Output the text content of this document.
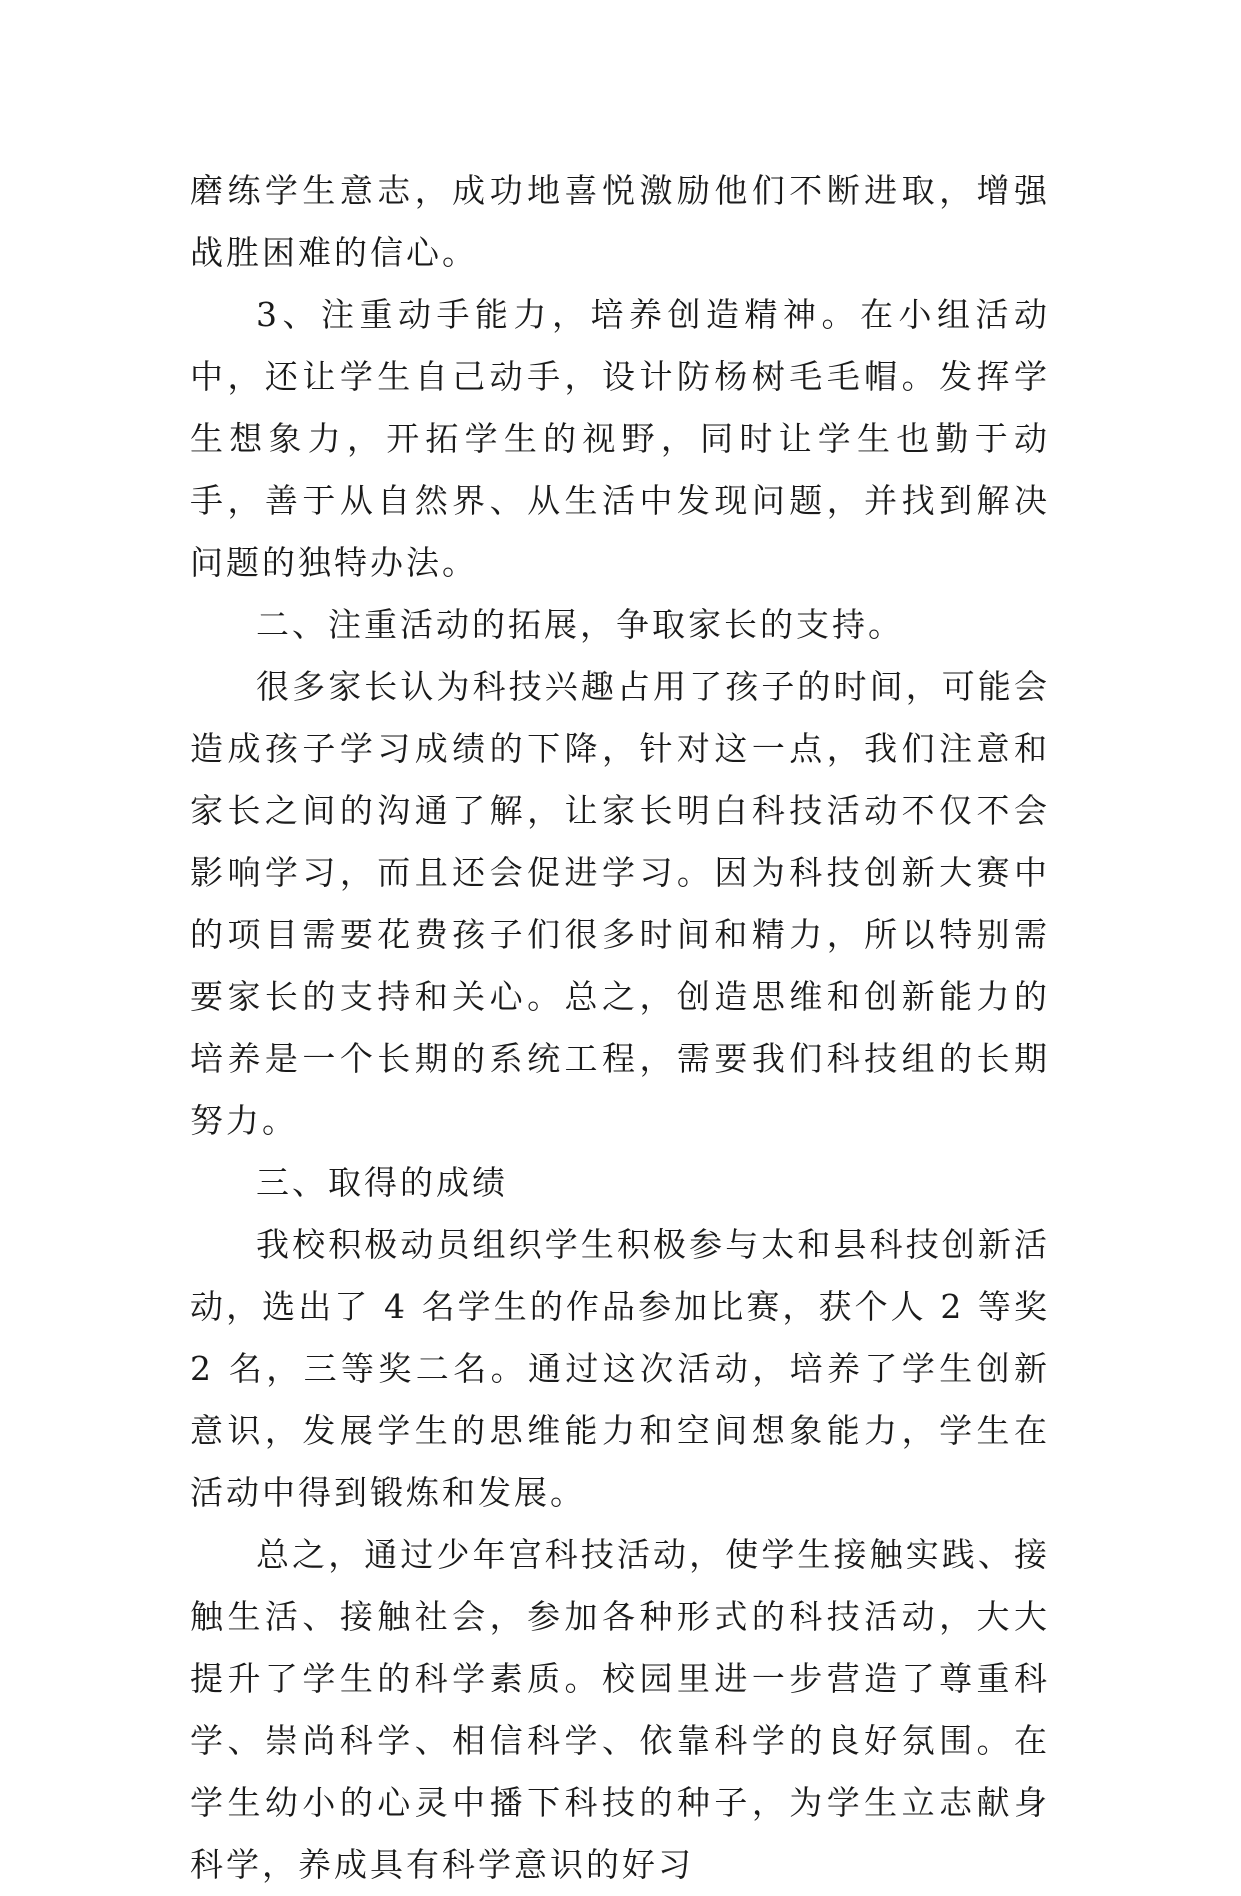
磨练学生意志，成功地喜悦激励他们不断进取，增强战胜困难的信心。

3、注重动手能力，培养创造精神。在小组活动中，还让学生自己动手，设计防杨树毛毛帽。发挥学生想象力，开拓学生的视野，同时让学生也勤于动手，善于从自然界、从生活中发现问题，并找到解决问题的独特办法。

二、注重活动的拓展，争取家长的支持。

很多家长认为科技兴趣占用了孩子的时间，可能会造成孩子学习成绩的下降，针对这一点，我们注意和家长之间的沟通了解，让家长明白科技活动不仅不会影响学习，而且还会促进学习。因为科技创新大赛中的项目需要花费孩子们很多时间和精力，所以特别需要家长的支持和关心。总之，创造思维和创新能力的培养是一个长期的系统工程，需要我们科技组的长期努力。

三、取得的成绩

我校积极动员组织学生积极参与太和县科技创新活动，选出了 4 名学生的作品参加比赛，获个人 2 等奖 2 名，三等奖二名。通过这次活动，培养了学生创新意识，发展学生的思维能力和空间想象能力，学生在活动中得到锻炼和发展。

总之，通过少年宫科技活动，使学生接触实践、接触生活、接触社会，参加各种形式的科技活动，大大提升了学生的科学素质。校园里进一步营造了尊重科学、崇尚科学、相信科学、依靠科学的良好氛围。在学生幼小的心灵中播下科技的种子，为学生立志献身科学，养成具有科学意识的好习
